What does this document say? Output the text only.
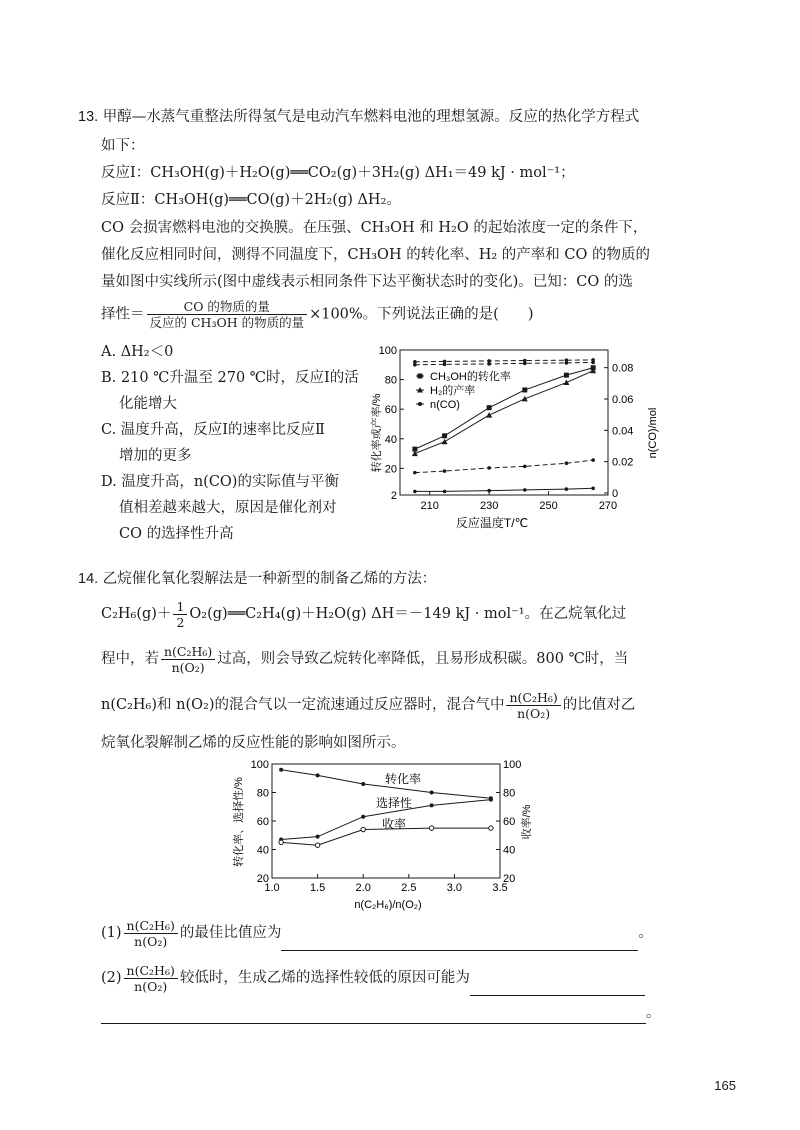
13. 甲醇—水蒸气重整法所得氢气是电动汽车燃料电池的理想氢源。反应的热化学方程式
如下：
反应Ⅰ：CH₃OH(g)＋H₂O(g)══CO₂(g)＋3H₂(g) ΔH₁＝49 kJ · mol⁻¹；
反应Ⅱ：CH₃OH(g)══CO(g)＋2H₂(g) ΔH₂。
CO 会损害燃料电池的交换膜。在压强、CH₃OH 和 H₂O 的起始浓度一定的条件下，
催化反应相同时间，测得不同温度下，CH₃OH 的转化率、H₂ 的产率和 CO 的物质的
量如图中实线所示(图中虚线表示相同条件下达平衡状态时的变化)。已知：CO 的选
择性＝ $\frac{\text{CO 的物质的量}}{\text{反应的 CH₃OH 的物质的量}} \times 100\%$。下列说法正确的是(　　)
A. ΔH₂＜0
B. 210 ℃升温至 270 ℃时，反应Ⅰ的活
化能增大
C. 温度升高，反应Ⅰ的速率比反应Ⅱ
增加的更多
D. 温度升高，n(CO)的实际值与平衡
值相差越来越大，原因是催化剂对
CO 的选择性升高
2
20
40
60
80
100
0
0.02
0.04
0.06
0.08
210	230	250	270
CH₃OH的转化率
H₂的产率
n(CO)
反应温度T/℃
转化率或产率/%	n(CO)/mol
14. 乙烷催化氧化裂解法是一种新型的制备乙烯的方法：
$C_2H_6(g)+ \frac{1}{2}$ O₂(g)══C₂H₄(g)＋H₂O(g) ΔH＝－149 kJ · mol⁻¹。在乙烷氧化过
程中，若 $\frac{\text{n(C₂H₆)}}{\text{n(O₂)}}$ 过高，则会导致乙烷转化率降低，且易形成积碳。800 ℃时，当
n(C₂H₆)和 n(O₂)的混合气以一定流速通过反应器时，混合气中 $\frac{\text{n(C₂H₆)}}{\text{n(O₂)}}$ 的比值对乙
烷氧化裂解制乙烯的反应性能的影响如图所示。
20
40
60
80
100
20
40
60
80
100
1.0	1.5	2.0	2.5	3.0	3.5
转化率
选择性
收率
n(C₂H₆)/n(O₂)
转化率、选择性/%	收率/%
$(1) \frac{\text{n(C₂H₆)}}{\text{n(O₂)}}$ 的最佳比值应为	。
$(2) \frac{\text{n(C₂H₆)}}{\text{n(O₂)}}$ 较低时，生成乙烯的选择性较低的原因可能为
。
165
